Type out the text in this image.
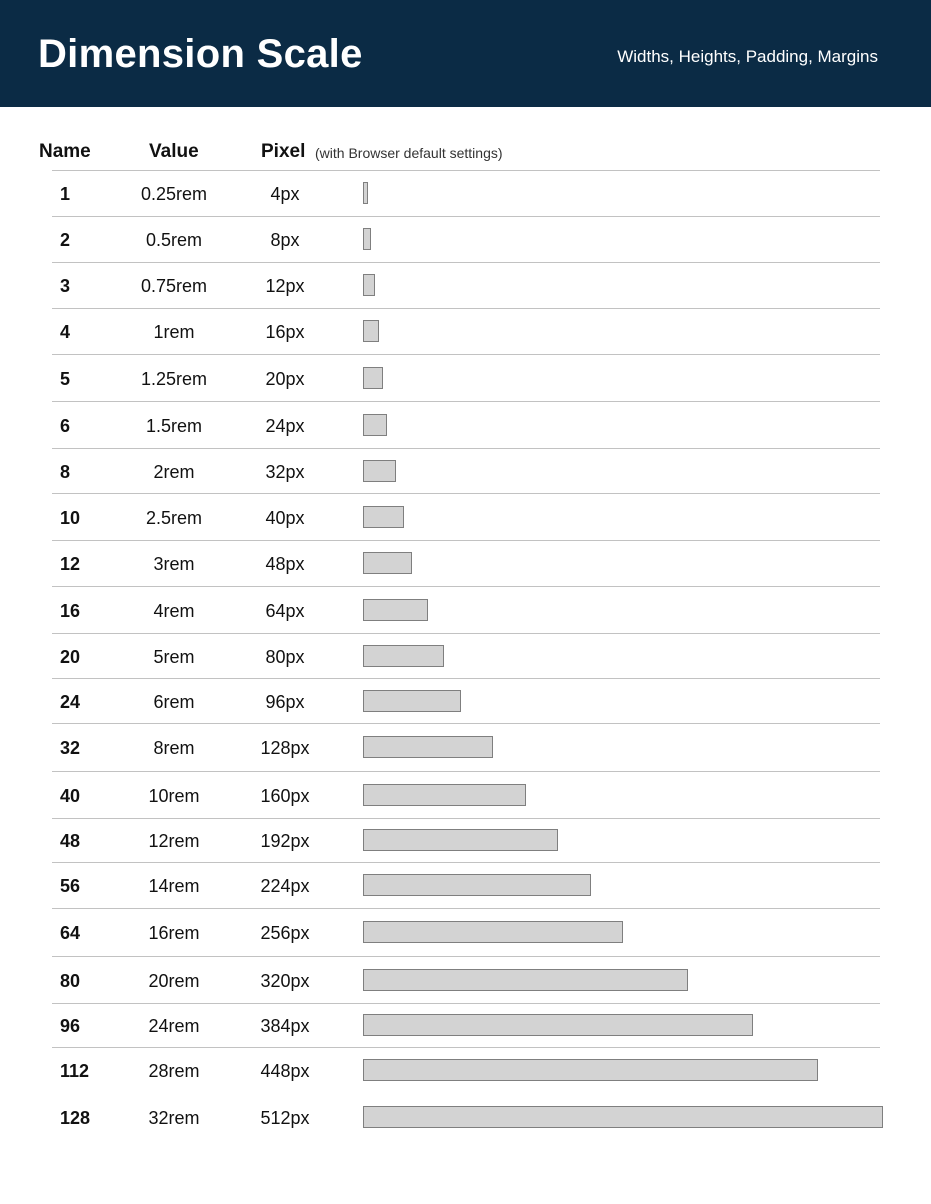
Dimension Scale	Widths, Heights, Padding, Margins
Name	Value	Pixel (with Browser default settings)
1	0.25rem	4px
2	0.5rem	8px
3	0.75rem	12px
4	1rem	16px
5	1.25rem	20px
6	1.5rem	24px
8	2rem	32px
10	2.5rem	40px
12	3rem	48px
16	4rem	64px
20	5rem	80px
24	6rem	96px
32	8rem	128px
40	10rem	160px
48	12rem	192px
56	14rem	224px
64	16rem	256px
80	20rem	320px
96	24rem	384px
112	28rem	448px
128	32rem	512px
